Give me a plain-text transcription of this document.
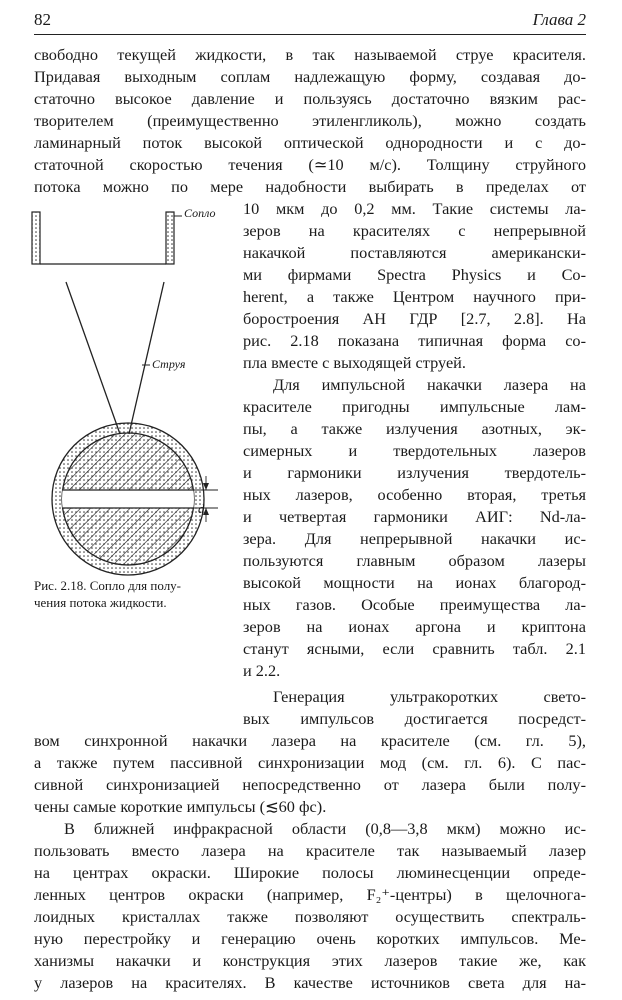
82	Глава 2
свободно текущей жидкости, в так называемой струе красителя.
Придавая выходным соплам надлежащую форму, создавая до-
статочно высокое давление и пользуясь достаточно вязким рас-
творителем (преимущественно этиленгликоль), можно создать
ламинарный поток высокой оптической однородности и с до-
статочной скоростью течения (≃10 м/с). Толщину струйного
потока можно по мере надобности выбирать в пределах от
10 мкм до 0,2 мм. Такие системы ла-
зеров на красителях с непрерывной
накачкой поставляются американски-
ми фирмами Spectra Physics и Co-
herent, а также Центром научного при-
боростроения АН ГДР [2.7, 2.8]. На
рис. 2.18 показана типичная форма со-
пла вместе с выходящей струей.
Для импульсной накачки лазера на
красителе пригодны импульсные лам-
пы, а также излучения азотных, эк-
симерных и твердотельных лазеров
и гармоники излучения твердотель-
ных лазеров, особенно вторая, третья
и четвертая гармоники АИГ: Nd-ла-
зера. Для непрерывной накачки ис-
пользуются главным образом лазеры
высокой мощности на ионах благород-
ных газов. Особые преимущества ла-
зеров на ионах аргона и криптона
станут ясными, если сравнить табл. 2.1
и 2.2.
Генерация ультракоротких свето-
вых импульсов достигается посредст-
вом синхронной накачки лазера на красителе (см. гл. 5),
а также путем пассивной синхронизации мод (см. гл. 6). С пас-
сивной синхронизацией непосредственно от лазера были полу-
чены самые короткие импульсы (≲60 фс).
В ближней инфракрасной области (0,8—3,8 мкм) можно ис-
пользовать вместо лазера на красителе так называемый лазер
на центрах окраски. Широкие полосы люминесценции опреде-
ленных центров окраски (например, F₂⁺-центры) в щелочнога-
лоидных кристаллах также позволяют осуществить спектраль-
ную перестройку и генерацию очень коротких импульсов. Ме-
ханизмы накачки и конструкция этих лазеров такие же, как
у лазеров на красителях. В качестве источников света для на-
Сопло
Струя
d
Рис. 2.18. Сопло для полу-
чения потока жидкости.
